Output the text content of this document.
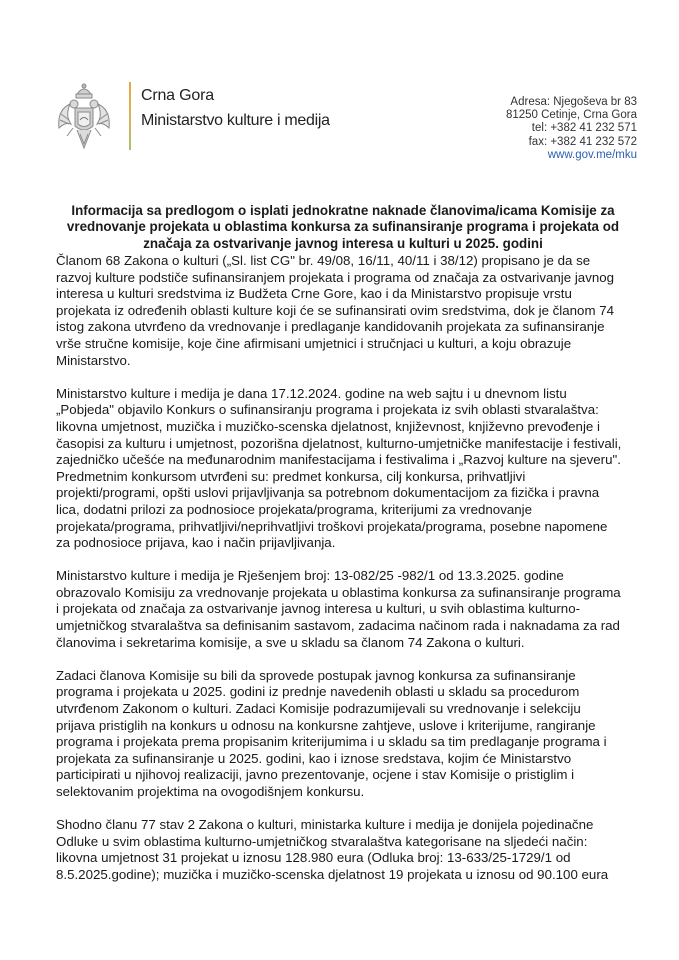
Crna Gora
Ministarstvo kulture i medija
Adresa: Njegoševa br 83
81250 Cetinje, Crna Gora
tel: +382 41 232 571
fax: +382 41 232 572
www.gov.me/mku
Informacija sa predlogom o isplati jednokratne naknade članovima/icama Komisije za
vrednovanje projekata u oblastima konkursa za sufinansiranje programa i projekata od
značaja za ostvarivanje javnog interesa u kulturi u 2025. godini
Članom 68 Zakona o kulturi („Sl. list CG" br. 49/08, 16/11, 40/11 i 38/12) propisano je da se
razvoj kulture podstiče sufinansiranjem projekata i programa od značaja za ostvarivanje javnog
interesa u kulturi sredstvima iz Budžeta Crne Gore, kao i da Ministarstvo propisuje vrstu
projekata iz određenih oblasti kulture koji će se sufinansirati ovim sredstvima, dok je članom 74
istog zakona utvrđeno da vrednovanje i predlaganje kandidovanih projekata za sufinansiranje
vrše stručne komisije, koje čine afirmisani umjetnici i stručnjaci u kulturi, a koju obrazuje
Ministarstvo.
Ministarstvo kulture i medija je dana 17.12.2024. godine na web sajtu i u dnevnom listu
„Pobjeda" objavilo Konkurs o sufinansiranju programa i projekata iz svih oblasti stvaralaštva:
likovna umjetnost, muzička i muzičko-scenska djelatnost, književnost, književno prevođenje i
časopisi za kulturu i umjetnost, pozorišna djelatnost, kulturno-umjetničke manifestacije i festivali,
zajedničko učešće na međunarodnim manifestacijama i festivalima i „Razvoj kulture na sjeveru".
Predmetnim konkursom utvrđeni su: predmet konkursa, cilj konkursa, prihvatljivi
projekti/programi, opšti uslovi prijavljivanja sa potrebnom dokumentacijom za fizička i pravna
lica, dodatni prilozi za podnosioce projekata/programa, kriterijumi za vrednovanje
projekata/programa, prihvatljivi/neprihvatljivi troškovi projekata/programa, posebne napomene
za podnosioce prijava, kao i način prijavljivanja.
Ministarstvo kulture i medija je Rješenjem broj: 13-082/25 -982/1 od 13.3.2025. godine
obrazovalo Komisiju za vrednovanje projekata u oblastima konkursa za sufinansiranje programa
i projekata od značaja za ostvarivanje javnog interesa u kulturi, u svih oblastima kulturno-
umjetničkog stvaralaštva sa definisanim sastavom, zadacima načinom rada i naknadama za rad
članovima i sekretarima komisije, a sve u skladu sa članom 74 Zakona o kulturi.
Zadaci članova Komisije su bili da sprovede postupak javnog konkursa za sufinansiranje
programa i projekata u 2025. godini iz prednje navedenih oblasti u skladu sa procedurom
utvrđenom Zakonom o kulturi. Zadaci Komisije podrazumijevali su vrednovanje i selekciju
prijava pristiglih na konkurs u odnosu na konkursne zahtjeve, uslove i kriterijume, rangiranje
programa i projekata prema propisanim kriterijumima i u skladu sa tim predlaganje programa i
projekata za sufinansiranje u 2025. godini, kao i iznose sredstava, kojim će Ministarstvo
participirati u njihovoj realizaciji, javno prezentovanje, ocjene i stav Komisije o pristiglim i
selektovanim projektima na ovogodišnjem konkursu.
Shodno članu 77 stav 2 Zakona o kulturi, ministarka kulture i medija je donijela pojedinačne
Odluke u svim oblastima kulturno-umjetničkog stvaralaštva kategorisane na sljedeći način:
likovna umjetnost 31 projekat u iznosu 128.980 eura (Odluka broj: 13-633/25-1729/1 od
8.5.2025.godine); muzička i muzičko-scenska djelatnost 19 projekata u iznosu od 90.100 eura
